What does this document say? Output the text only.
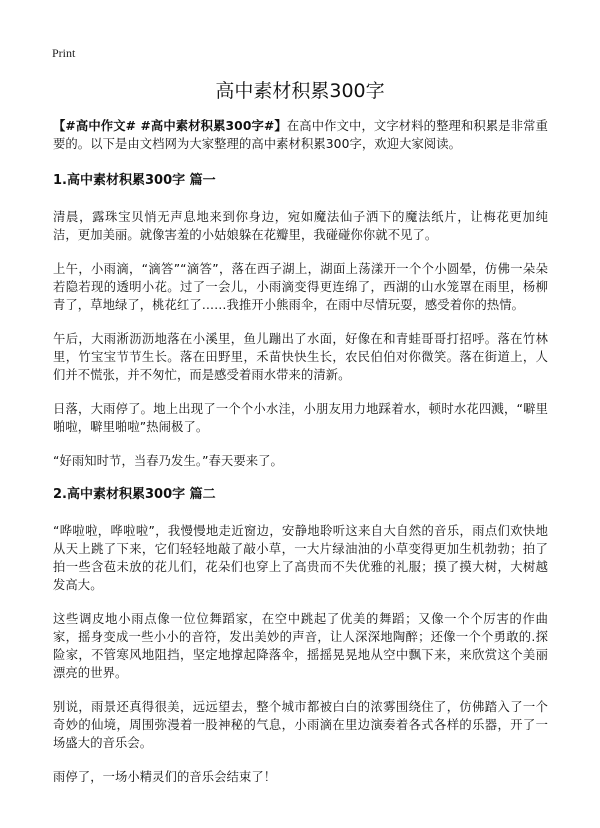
Print
高中素材积累300字

【#高中作文# #高中素材积累300字#】在高中作文中，文字材料的整理和积累是非常重要的。以下是由文档网为大家整理的高中素材积累300字，欢迎大家阅读。

1.高中素材积累300字 篇一

清晨，露珠宝贝悄无声息地来到你身边，宛如魔法仙子洒下的魔法纸片，让梅花更加纯洁，更加美丽。就像害羞的小姑娘躲在花瓣里，我碰碰你你就不见了。

上午，小雨滴，“滴答”“滴答”，落在西子湖上，湖面上荡漾开一个个小圆晕，仿佛一朵朵若隐若现的透明小花。过了一会儿，小雨滴变得更连绵了，西湖的山水笼罩在雨里，杨柳青了，草地绿了，桃花红了……我推开小熊雨伞，在雨中尽情玩耍，感受着你的热情。

午后，大雨淅沥沥地落在小溪里，鱼儿蹦出了水面，好像在和青蛙哥哥打招呼。落在竹林里，竹宝宝节节生长。落在田野里，禾苗快快生长，农民伯伯对你微笑。落在街道上，人们并不慌张，并不匆忙，而是感受着雨水带来的清新。

日落，大雨停了。地上出现了一个个小水洼，小朋友用力地踩着水，顿时水花四溅，“噼里啪啦，噼里啪啦”热闹极了。

“好雨知时节，当春乃发生。”春天要来了。

2.高中素材积累300字 篇二

“哗啦啦，哗啦啦”，我慢慢地走近窗边，安静地聆听这来自大自然的音乐，雨点们欢快地从天上跳了下来，它们轻轻地敲了敲小草，一大片绿油油的小草变得更加生机勃勃；拍了拍一些含苞未放的花儿们，花朵们也穿上了高贵而不失优雅的礼服；摸了摸大树，大树越发高大。

这些调皮地小雨点像一位位舞蹈家，在空中跳起了优美的舞蹈；又像一个个厉害的作曲家，摇身变成一些小小的音符，发出美妙的声音，让人深深地陶醉；还像一个个勇敢的.探险家，不管寒风地阻挡，坚定地撑起降落伞，摇摇晃晃地从空中飘下来，来欣赏这个美丽漂亮的世界。

别说，雨景还真得很美，远远望去，整个城市都被白白的浓雾围绕住了，仿佛踏入了一个奇妙的仙境，周围弥漫着一股神秘的气息，小雨滴在里边演奏着各式各样的乐器，开了一场盛大的音乐会。

雨停了，一场小精灵们的音乐会结束了！
